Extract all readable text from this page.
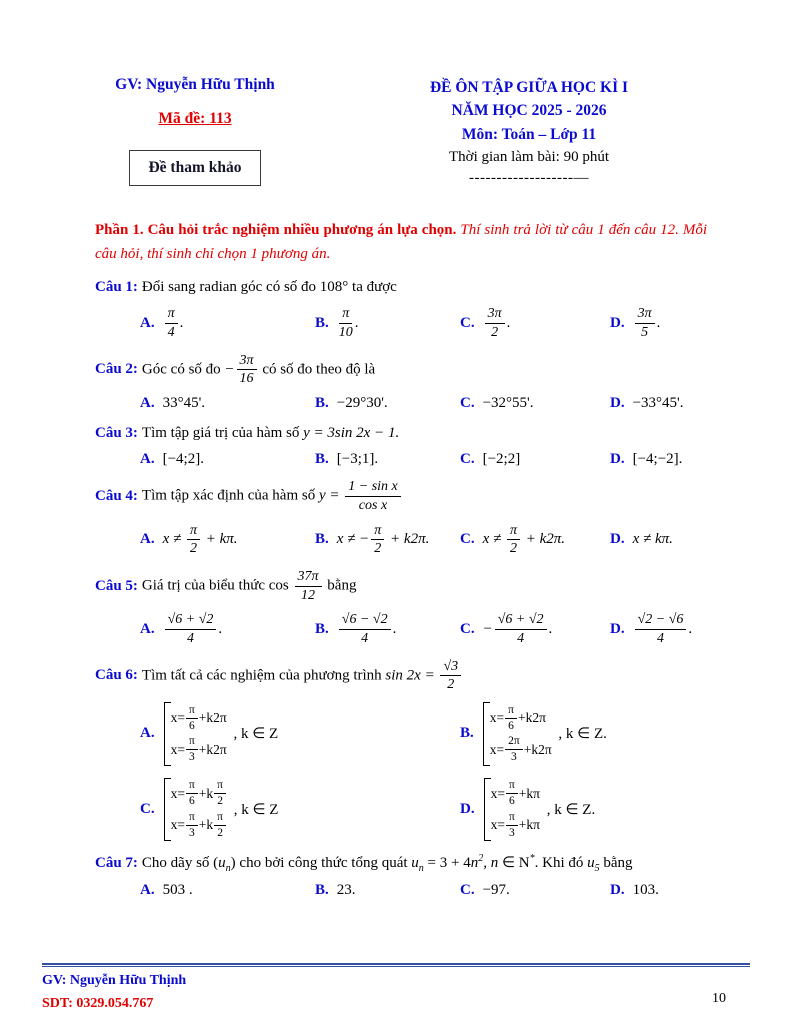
GV: Nguyễn Hữu Thịnh
Mã đề: 113
Đề tham khảo
ĐỀ ÔN TẬP GIỮA HỌC KÌ I
NĂM HỌC 2025 - 2026
Môn: Toán – Lớp 11
Thời gian làm bài: 90 phút
-------------------—
Phần 1. Câu hỏi trắc nghiệm nhiều phương án lựa chọn. Thí sinh trả lời từ câu 1 đến câu 12. Mỗi câu hỏi, thí sinh chỉ chọn 1 phương án.
Câu 1: Đổi sang radian góc có số đo 108° ta được
A. $\frac{\pi}{4}$ .	B. $\frac{\pi}{10}$ .	C. $\frac{3\pi}{2}$ .	D. $\frac{3\pi}{5}$ .
Câu 2: Góc có số đo − $\frac{3\pi}{16}$ có số đo theo độ là
A. 33°45'.	B. −29°30'.	C. −32°55'.	D. −33°45'.
Câu 3: Tìm tập giá trị của hàm số y = 3sin 2x − 1.
A. [−4;2].	B. [−3;1].	C. [−2;2]	D. [−4;−2].
Câu 4: Tìm tập xác định của hàm số $y = \frac{\text{1 − sin x}}{\text{cos x}}$
A. $x \ne \frac{\pi}{2} + k\pi$.	B. x ≠ − $\frac{\pi}{2} + k2\pi$. C. $x \ne \frac{\pi}{2} + k2\pi$.	D. x ≠ kπ.
Câu 5: Giá trị của biểu thức $\cos \frac{37\pi}{12}$ bằng
A. $\frac{√6 + √2}{4}$ .	B. $\frac{√6 - √2}{4}$ .	C. − $\frac{√6 + √2}{4}$ .	D. $\frac{√2 - √6}{4}$ .
Câu 6: Tìm tất cả các nghiệm của phương trình $\sin 2x = \frac{√3}{2}$
A.
$x= \frac{\pi}{6} +k2\pi$
$x= \frac{\pi}{3} +k2\pi$
, k ∈ Z	B.
$x= \frac{\pi}{6} +k2\pi$
$x= \frac{2\pi}{3} +k2\pi$
, k ∈ Z.
C.
$x= \frac{\pi}{6} +k \frac{\pi}{2}$
$x= \frac{\pi}{3} +k \frac{\pi}{2}$
, k ∈ Z	D.
$x= \frac{\pi}{6} +k\pi$
$x= \frac{\pi}{3} +k\pi$
, k ∈ Z.
Câu 7: Cho dãy số $(u_n)$ cho bởi công thức tổng quát $u_n = 3 + 4n^2$, n ∈ N*. Khi đó $u_5$ bằng
A. 503 .	B. 23.	C. −97.	D. 103.
GV: Nguyễn Hữu Thịnh
SDT: 0329.054.767	10
